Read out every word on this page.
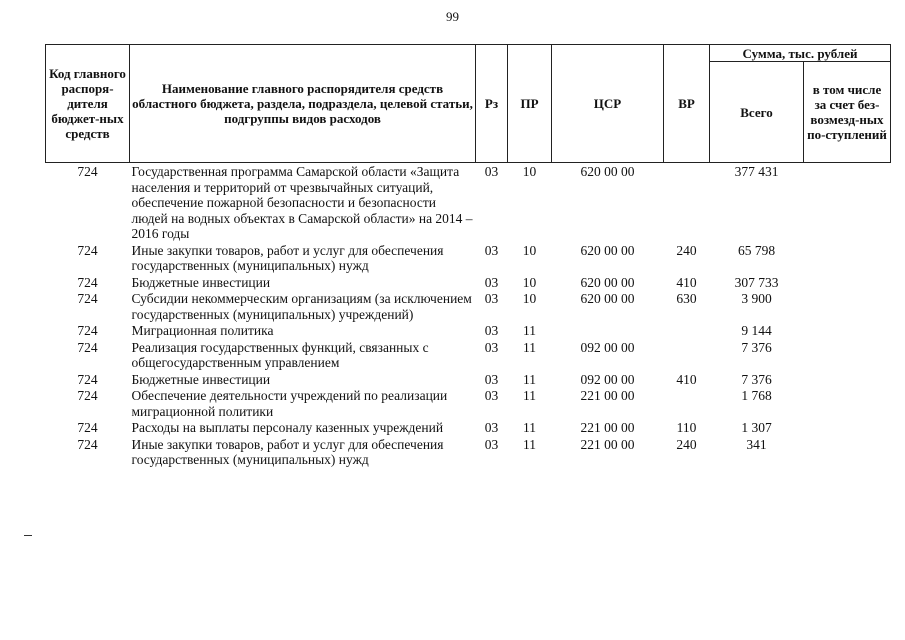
99
Код главного распоря-дителя бюджет-ных средств	Наименование главного распорядителя средств областного бюджета, раздела, подраздела, целевой статьи, подгруппы видов расходов	Рз	ПР	ЦСР	ВР	Сумма, тыс. рублей	
						Всего	в том числе за счет без-возмезд-ных по-ступлений
724	Государственная программа Самарской области «Защита населения и территорий от чрезвычайных ситуаций, обеспечение пожарной безопасности и безопасности людей на водных объектах в Самарской области» на 2014 – 2016 годы	03	10	620 00 00		377 431	
724	Иные закупки товаров, работ и услуг для обеспечения государственных (муниципальных) нужд	03	10	620 00 00	240	65 798	
724	Бюджетные инвестиции	03	10	620 00 00	410	307 733	
724	Субсидии некоммерческим организациям (за исключением государственных (муниципальных) учреждений)	03	10	620 00 00	630	3 900	
724	Миграционная политика	03	11			9 144	
724	Реализация государственных функций, связанных с общегосударственным управлением	03	11	092 00 00		7 376	
724	Бюджетные инвестиции	03	11	092 00 00	410	7 376	
724	Обеспечение деятельности учреждений по реализации миграционной политики	03	11	221 00 00		1 768	
724	Расходы на выплаты персоналу казенных учреждений	03	11	221 00 00	110	1 307	
724	Иные закупки товаров, работ и услуг для обеспечения государственных (муниципальных) нужд	03	11	221 00 00	240	341	
